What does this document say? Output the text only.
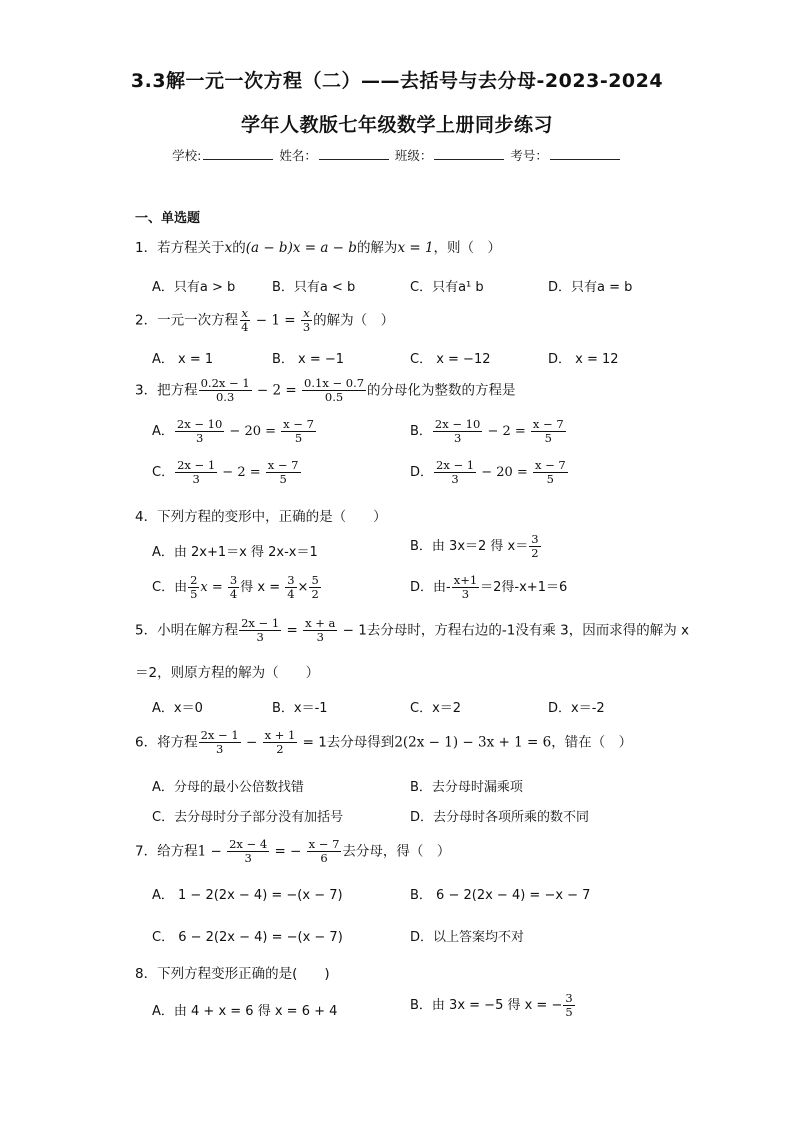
3.3解一元一次方程（二）——去括号与去分母-2023-2024
学年人教版七年级数学上册同步练习
学校:	姓名：	班级：	考号：
一、单选题
1．若方程关于x的(a − b)x = a − b的解为x = 1，则（　）
A．只有a > b	B．只有a < b	C．只有a¹ b	D．只有a = b
2．一元一次方程 $\frac{x}{4} - 1 = \frac{x}{3}$ 的解为（　）
A． x = 1	B． x = −1	C． x = −12	D． x = 12
3．把方程 $\frac{0.2x - 1}{0.3} - 2 = \frac{0.1x - 0.7}{0.5}$ 的分母化为整数的方程是
A． $\frac{2x - 10}{3} - 20 = \frac{x - 7}{5}$	B． $\frac{2x - 10}{3} - 2 = \frac{x - 7}{5}$
C． $\frac{2x - 1}{3} - 2 = \frac{x - 7}{5}$	D． $\frac{2x - 1}{3} - 20 = \frac{x - 7}{5}$
4．下列方程的变形中，正确的是（　　）
A．由 2x+1＝x 得 2x-x＝1	B．由 3x＝2 得 $x= \frac{3}{2}$
C．由 $\frac{2}{5}$ $x = \frac{3}{4}$ 得 $x = \frac{3}{4} \times \frac{5}{2}$	D．由- $\frac{x+1}{3} =2$得-x+1＝6
5．小明在解方程 $\frac{2x - 1}{3} = \frac{x + a}{3} - 1$去分母时，方程右边的-1没有乘 3，因而求得的解为 x
＝2，则原方程的解为（　　）
A．x＝0	B．x＝-1	C．x＝2	D．x＝-2
6．将方程 $\frac{2x - 1}{3} - \frac{x + 1}{2} = 1$去分母得到2(2x − 1) − 3x + 1 = 6，错在（　）
A．分母的最小公倍数找错	B．去分母时漏乘项
C．去分母时分子部分没有加括号	D．去分母时各项所乘的数不同
7．给方程$1 - \frac{2x - 4}{3}$ = − $\frac{x - 7}{6}$ 去分母，得（　）
A． 1 − 2(2x − 4) = −(x − 7)	B． 6 − 2(2x − 4) = −x − 7
C． 6 − 2(2x − 4) = −(x − 7)	D．以上答案均不对
8．下列方程变形正确的是(　　)
A．由 4 + x = 6 得 x = 6 + 4	B．由 3x = −5 得 x = − $\frac{3}{5}$
